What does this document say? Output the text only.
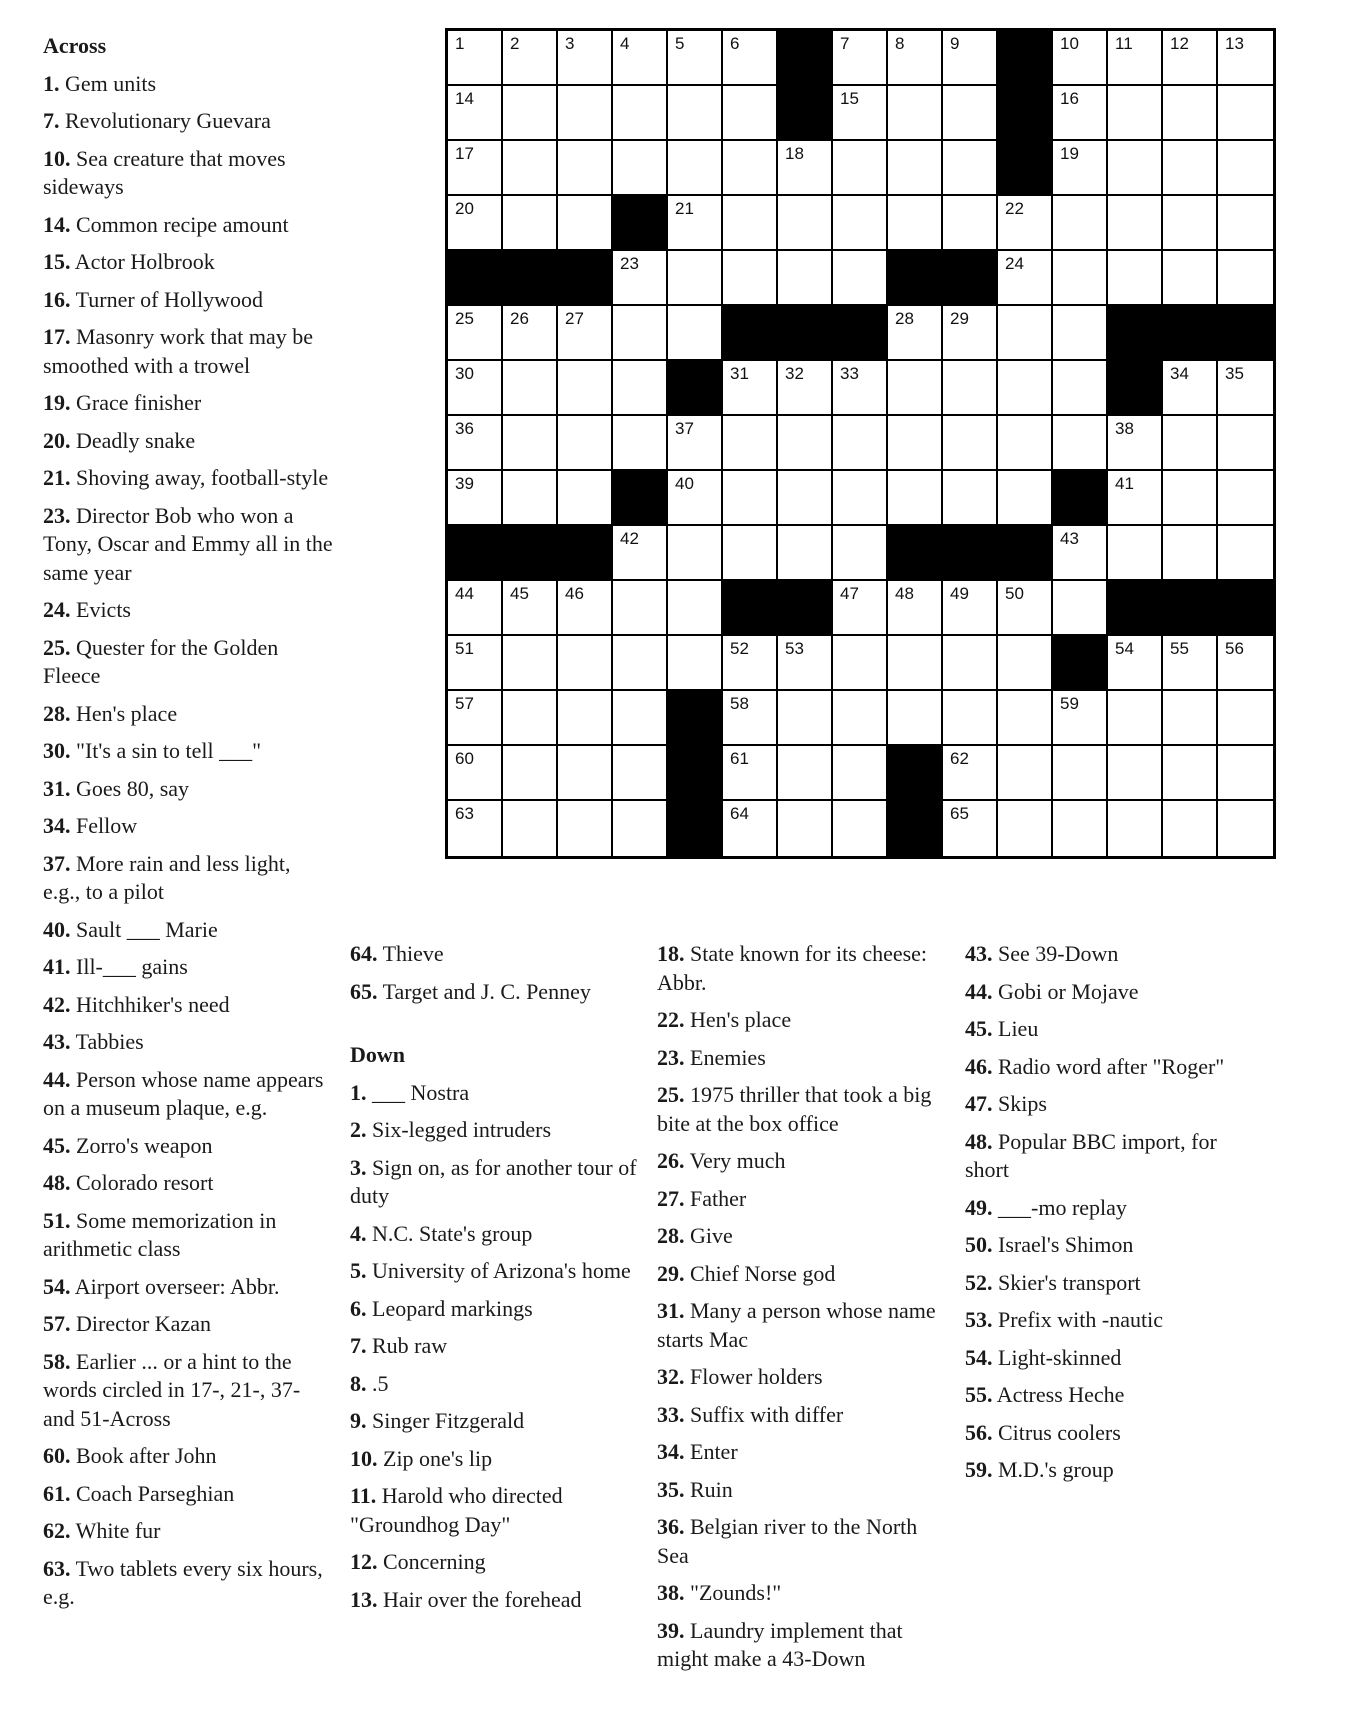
Across
1. Gem units
7. Revolutionary Guevara
10. Sea creature that moves sideways
14. Common recipe amount
15. Actor Holbrook
16. Turner of Hollywood
17. Masonry work that may be smoothed with a trowel
19. Grace finisher
20. Deadly snake
21. Shoving away, football-style
23. Director Bob who won a Tony, Oscar and Emmy all in the same year
24. Evicts
25. Quester for the Golden Fleece
28. Hen's place
30. "It's a sin to tell ___"
31. Goes 80, say
34. Fellow
37. More rain and less light, e.g., to a pilot
40. Sault ___ Marie
41. Ill-___ gains
42. Hitchhiker's need
43. Tabbies
44. Person whose name appears on a museum plaque, e.g.
45. Zorro's weapon
48. Colorado resort
51. Some memorization in arithmetic class
54. Airport overseer: Abbr.
57. Director Kazan
58. Earlier ... or a hint to the words circled in 17-, 21-, 37- and 51-Across
60. Book after John
61. Coach Parseghian
62. White fur
63. Two tablets every six hours, e.g.
64. Thieve
65. Target and J. C. Penney
Down
1. ___ Nostra
2. Six-legged intruders
3. Sign on, as for another tour of duty
4. N.C. State's group
5. University of Arizona's home
6. Leopard markings
7. Rub raw
8. .5
9. Singer Fitzgerald
10. Zip one's lip
11. Harold who directed "Groundhog Day"
12. Concerning
13. Hair over the forehead
18. State known for its cheese: Abbr.
22. Hen's place
23. Enemies
25. 1975 thriller that took a big bite at the box office
26. Very much
27. Father
28. Give
29. Chief Norse god
31. Many a person whose name starts Mac
32. Flower holders
33. Suffix with differ
34. Enter
35. Ruin
36. Belgian river to the North Sea
38. "Zounds!"
39. Laundry implement that might make a 43-Down
43. See 39-Down
44. Gobi or Mojave
45. Lieu
46. Radio word after "Roger"
47. Skips
48. Popular BBC import, for short
49. ___-mo replay
50. Israel's Shimon
52. Skier's transport
53. Prefix with -nautic
54. Light-skinned
55. Actress Heche
56. Citrus coolers
59. M.D.'s group
1	2	3	4	5	6	7	8	9	10 11 12 13
14	15	16
17	18	19
20	21	22
23	24
25 26 27	28 29
30	31 32 33	34 35
36	37	38
39	40	41
42	43
44 45 46	47 48 49 50
51	52 53	54 55 56
57	58	59
60	61	62
63	64	65
